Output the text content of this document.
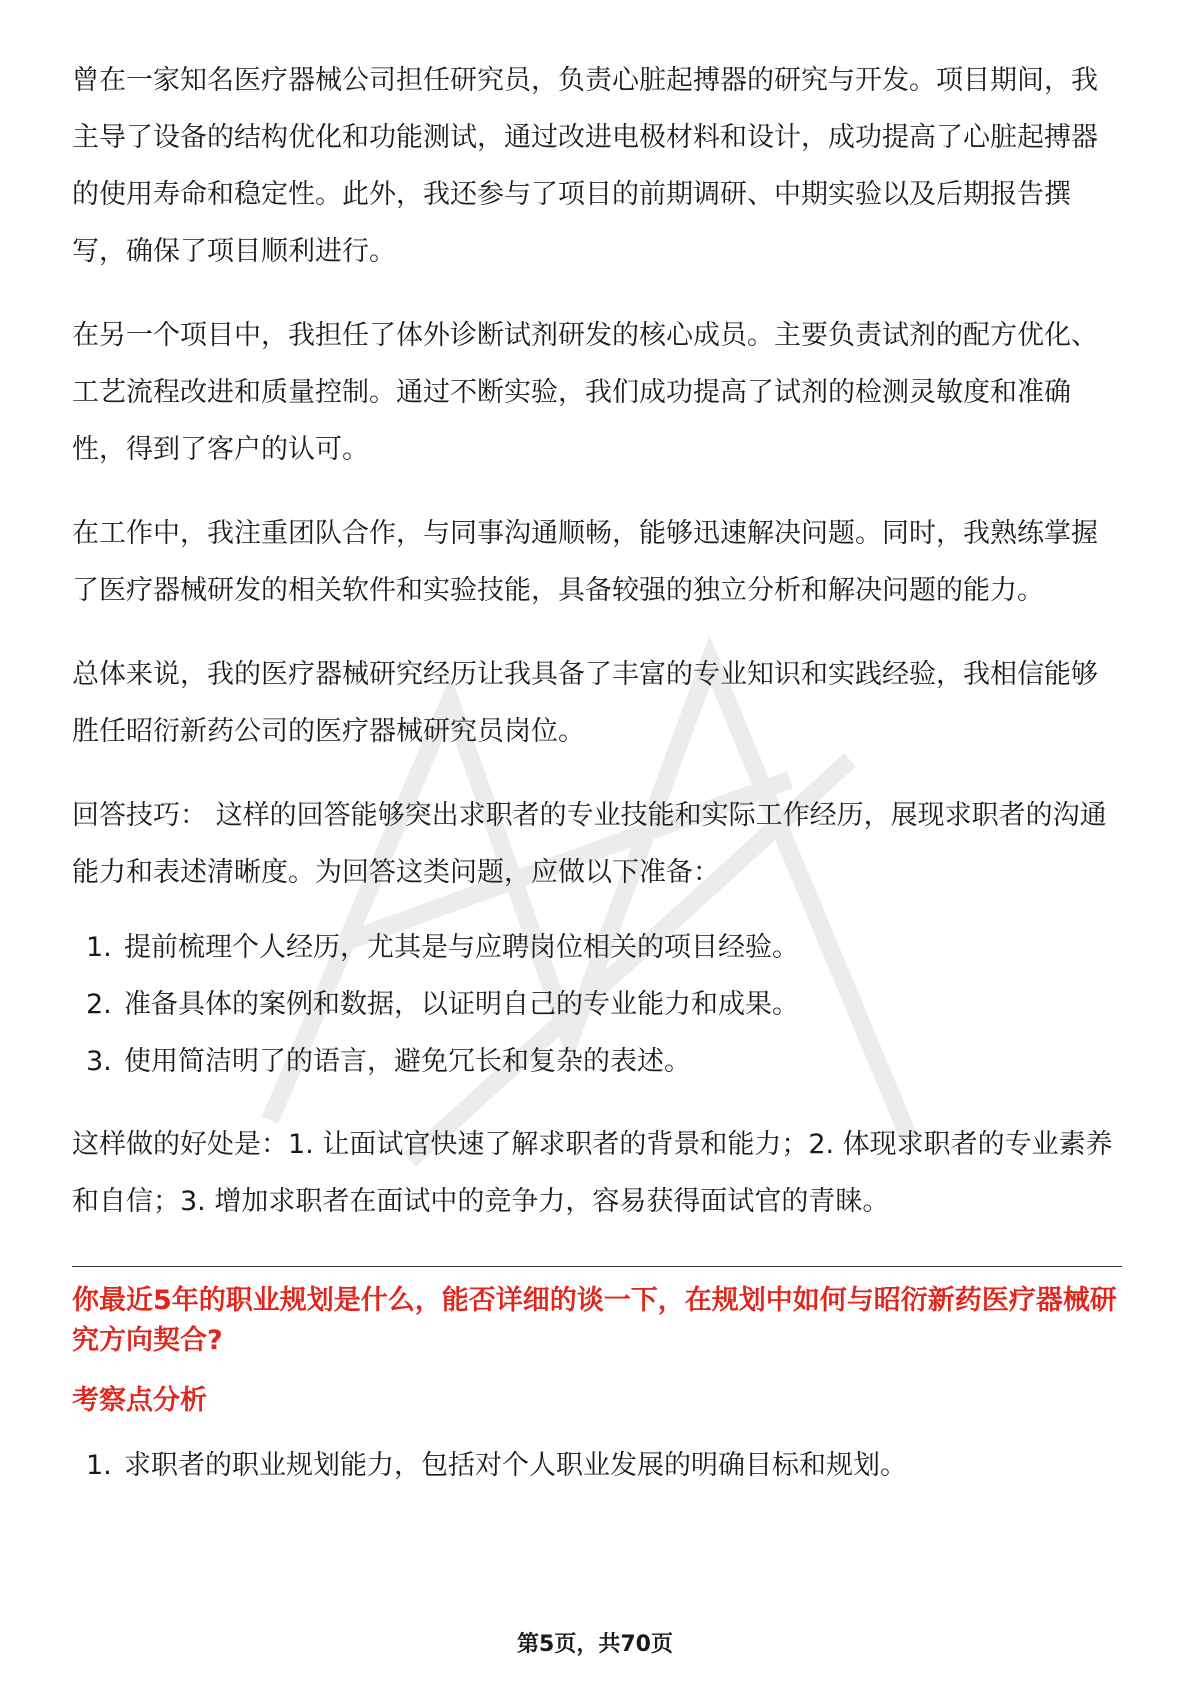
曾在一家知名医疗器械公司担任研究员，负责心脏起搏器的研究与开发。项目期间，我主导了设备的结构优化和功能测试，通过改进电极材料和设计，成功提高了心脏起搏器的使用寿命和稳定性。此外，我还参与了项目的前期调研、中期实验以及后期报告撰写，确保了项目顺利进行。

在另一个项目中，我担任了体外诊断试剂研发的核心成员。主要负责试剂的配方优化、工艺流程改进和质量控制。通过不断实验，我们成功提高了试剂的检测灵敏度和准确性，得到了客户的认可。

在工作中，我注重团队合作，与同事沟通顺畅，能够迅速解决问题。同时，我熟练掌握了医疗器械研发的相关软件和实验技能，具备较强的独立分析和解决问题的能力。

总体来说，我的医疗器械研究经历让我具备了丰富的专业知识和实践经验，我相信能够胜任昭衍新药公司的医疗器械研究员岗位。

回答技巧： 这样的回答能够突出求职者的专业技能和实际工作经历，展现求职者的沟通能力和表述清晰度。为回答这类问题，应做以下准备：

1. 提前梳理个人经历，尤其是与应聘岗位相关的项目经验。
2. 准备具体的案例和数据，以证明自己的专业能力和成果。
3. 使用简洁明了的语言，避免冗长和复杂的表述。

这样做的好处是：1. 让面试官快速了解求职者的背景和能力；2. 体现求职者的专业素养和自信；3. 增加求职者在面试中的竞争力，容易获得面试官的青睐。

你最近5年的职业规划是什么，能否详细的谈一下，在规划中如何与昭衍新药医疗器械研究方向契合?
考察点分析
1. 求职者的职业规划能力，包括对个人职业发展的明确目标和规划。
第5页，共70页
